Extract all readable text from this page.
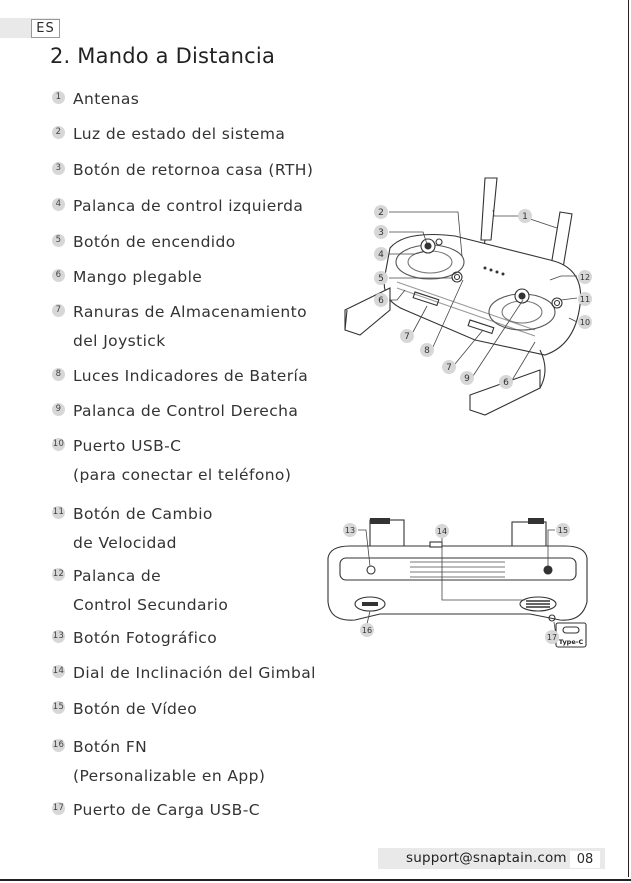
ES
2. Mando a Distancia
1 Antenas
2 Luz de estado del sistema
3 Botón de retornoa casa (RTH)
4 Palanca de control izquierda
5 Botón de encendido
6 Mango plegable
7 Ranuras de Almacenamiento
del Joystick
8 Luces Indicadores de Batería
9 Palanca de Control Derecha
10 Puerto USB-C
(para conectar el teléfono)
11 Botón de Cambio
de Velocidad
12 Palanca de
Control Secundario
13 Botón Fotográfico
14 Dial de Inclinación del Gimbal
15 Botón de Vídeo
16 Botón FN
(Personalizable en App)
17 Puerto de Carga USB-C
1
2
3
4
5
6
7
8
7
9	6
12
11
10
Type-C
13	14	15
16
17
support@snaptain.com 08
